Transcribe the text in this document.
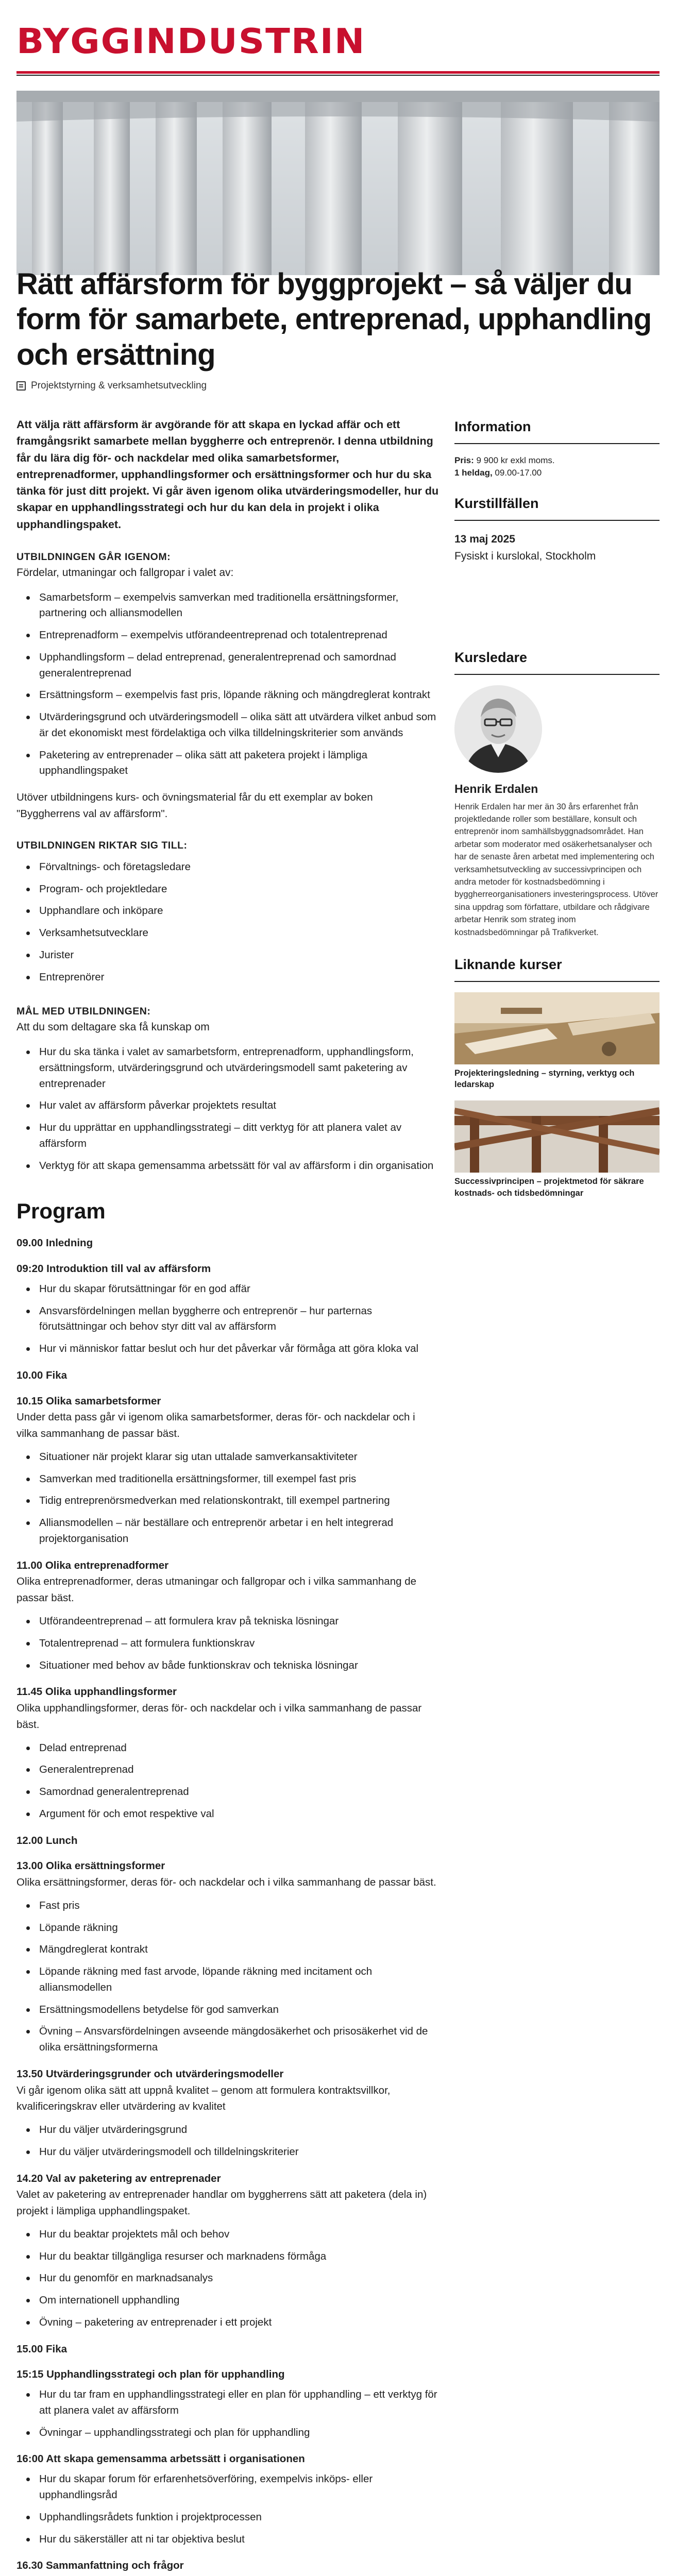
BYGGINDUSTRIN
Rätt affärsform för byggprojekt – så väljer du form för samarbete, entreprenad, upphandling och ersättning
Projektstyrning & verksamhetsutveckling

Att välja rätt affärsform är avgörande för att skapa en lyckad affär och ett framgångsrikt samarbete mellan byggherre och entreprenör. I denna utbildning får du lära dig för- och nackdelar med olika samarbetsformer, entreprenadformer, upphandlingsformer och ersättningsformer och hur du ska tänka för just ditt projekt. Vi går även igenom olika utvärderingsmodeller, hur du skapar en upphandlingsstrategi och hur du kan dela in projekt i olika upphandlingspaket.

UTBILDNINGEN GÅR IGENOM:
Fördelar, utmaningar och fallgropar i valet av:
Samarbetsform – exempelvis samverkan med traditionella ersättningsformer, partnering och alliansmodellen
Entreprenadform – exempelvis utförandeentreprenad och totalentreprenad
Upphandlingsform – delad entreprenad, generalentreprenad och samordnad generalentreprenad
Ersättningsform – exempelvis fast pris, löpande räkning och mängdreglerat kontrakt
Utvärderingsgrund och utvärderingsmodell – olika sätt att utvärdera vilket anbud som är det ekonomiskt mest fördelaktiga och vilka tilldelningskriterier som används
Paketering av entreprenader – olika sätt att paketera projekt i lämpliga upphandlingspaket

Utöver utbildningens kurs- och övningsmaterial får du ett exemplar av boken "Byggherrens val av affärsform".

UTBILDNINGEN RIKTAR SIG TILL:
Förvaltnings- och företagsledare
Program- och projektledare
Upphandlare och inköpare
Verksamhetsutvecklare
Jurister
Entreprenörer
MÅL MED UTBILDNINGEN:
Att du som deltagare ska få kunskap om
Hur du ska tänka i valet av samarbetsform, entreprenadform, upphandlingsform, ersättningsform, utvärderingsgrund och utvärderingsmodell samt paketering av entreprenader
Hur valet av affärsform påverkar projektets resultat
Hur du upprättar en upphandlingsstrategi – ditt verktyg för att planera valet av affärsform
Verktyg för att skapa gemensamma arbetssätt för val av affärsform i din organisation
Program
09.00 Inledning
09:20 Introduktion till val av affärsform
Hur du skapar förutsättningar för en god affär
Ansvarsfördelningen mellan byggherre och entreprenör – hur parternas förutsättningar och behov styr ditt val av affärsform
Hur vi människor fattar beslut och hur det påverkar vår förmåga att göra kloka val
10.00 Fika
10.15 Olika samarbetsformer
Under detta pass går vi igenom olika samarbetsformer, deras för- och nackdelar och i vilka sammanhang de passar bäst.
Situationer när projekt klarar sig utan uttalade samverkansaktiviteter
Samverkan med traditionella ersättningsformer, till exempel fast pris
Tidig entreprenörsmedverkan med relationskontrakt, till exempel partnering
Alliansmodellen – när beställare och entreprenör arbetar i en helt integrerad projektorganisation
11.00 Olika entreprenadformer
Olika entreprenadformer, deras utmaningar och fallgropar och i vilka sammanhang de passar bäst.
Utförandeentreprenad – att formulera krav på tekniska lösningar
Totalentreprenad – att formulera funktionskrav
Situationer med behov av både funktionskrav och tekniska lösningar
11.45 Olika upphandlingsformer
Olika upphandlingsformer, deras för- och nackdelar och i vilka sammanhang de passar bäst.
Delad entreprenad
Generalentreprenad
Samordnad generalentreprenad
Argument för och emot respektive val
12.00 Lunch
13.00 Olika ersättningsformer
Olika ersättningsformer, deras för- och nackdelar och i vilka sammanhang de passar bäst.
Fast pris
Löpande räkning
Mängdreglerat kontrakt
Löpande räkning med fast arvode, löpande räkning med incitament och alliansmodellen
Ersättningsmodellens betydelse för god samverkan
Övning – Ansvarsfördelningen avseende mängdosäkerhet och prisosäkerhet vid de olika ersättningsformerna
13.50 Utvärderingsgrunder och utvärderingsmodeller
Vi går igenom olika sätt att uppnå kvalitet – genom att formulera kontraktsvillkor, kvalificeringskrav eller utvärdering av kvalitet
Hur du väljer utvärderingsgrund
Hur du väljer utvärderingsmodell och tilldelningskriterier
14.20 Val av paketering av entreprenader
Valet av paketering av entreprenader handlar om byggherrens sätt att paketera (dela in) projekt i lämpliga upphandlingspaket.
Hur du beaktar projektets mål och behov
Hur du beaktar tillgängliga resurser och marknadens förmåga
Hur du genomför en marknadsanalys
Om internationell upphandling
Övning – paketering av entreprenader i ett projekt
15.00 Fika
15:15 Upphandlingsstrategi och plan för upphandling
Hur du tar fram en upphandlingsstrategi eller en plan för upphandling – ett verktyg för att planera valet av affärsform
Övningar – upphandlingsstrategi och plan för upphandling
16:00 Att skapa gemensamma arbetssätt i organisationen
Hur du skapar forum för erfarenhetsöverföring, exempelvis inköps- eller upphandlingsråd
Upphandlingsrådets funktion i projektprocessen
Hur du säkerställer att ni tar objektiva beslut
16.30 Sammanfattning och frågor
Information
Pris: 9 900 kr exkl moms.
1 heldag, 09.00-17.00
Kurstillfällen
13 maj 2025
Fysiskt i kurslokal, Stockholm
Kursledare
Henrik Erdalen
Henrik Erdalen har mer än 30 års erfarenhet från projektledande roller som beställare, konsult och entreprenör inom samhällsbyggnadsområdet. Han arbetar som moderator med osäkerhetsanalyser och har de senaste åren arbetat med implementering och verksamhetsutveckling av successivprincipen och andra metoder för kostnadsbedömning i byggherreorganisationers investeringsprocess. Utöver sina uppdrag som författare, utbildare och rådgivare arbetar Henrik som strateg inom kostnadsbedömningar på Trafikverket.
Liknande kurser
Projekteringsledning – styrning, verktyg och ledarskap
Successivprincipen – projektmetod för säkrare kostnads- och tidsbedömningar
